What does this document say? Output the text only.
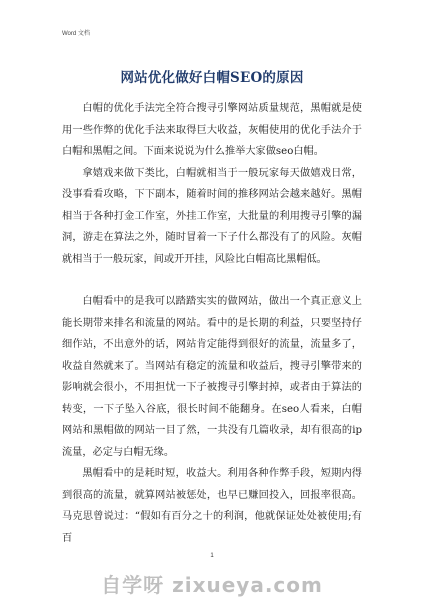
Word 文档
网站优化做好白帽SEO的原因

白帽的优化手法完全符合搜寻引擎网站质量规范，黑帽就是使用一些作弊的优化手法来取得巨大收益，灰帽使用的优化手法介于白帽和黑帽之间。下面来说说为什么推举大家做seo白帽。

拿嬉戏来做下类比，白帽就相当于一般玩家每天做嬉戏日常，没事看看攻略，下下副本，随着时间的推移网站会越来越好。黑帽相当于各种打金工作室，外挂工作室，大批量的利用搜寻引擎的漏洞，游走在算法之外，随时冒着一下子什么都没有了的风险。灰帽就相当于一般玩家，间或开开挂，风险比白帽高比黑帽低。

白帽看中的是我可以踏踏实实的做网站，做出一个真正意义上能长期带来排名和流量的网站。看中的是长期的利益，只要坚持仔细作站，不出意外的话，网站肯定能得到很好的流量，流量多了，收益自然就来了。当网站有稳定的流量和收益后，搜寻引擎带来的影响就会很小，不用担忧一下子被搜寻引擎封掉，或者由于算法的转变，一下子坠入谷底，很长时间不能翻身。在seo人看来，白帽网站和黑帽做的网站一目了然，一共没有几篇收录，却有很高的ip流量，必定与白帽无缘。

黑帽看中的是耗时短，收益大。利用各种作弊手段，短期内得到很高的流量，就算网站被惩处，也早已赚回投入，回报率很高。马克思曾说过：“假如有百分之十的利润，他就保证处处被使用;有百

1
自学呀 zixueya.com
